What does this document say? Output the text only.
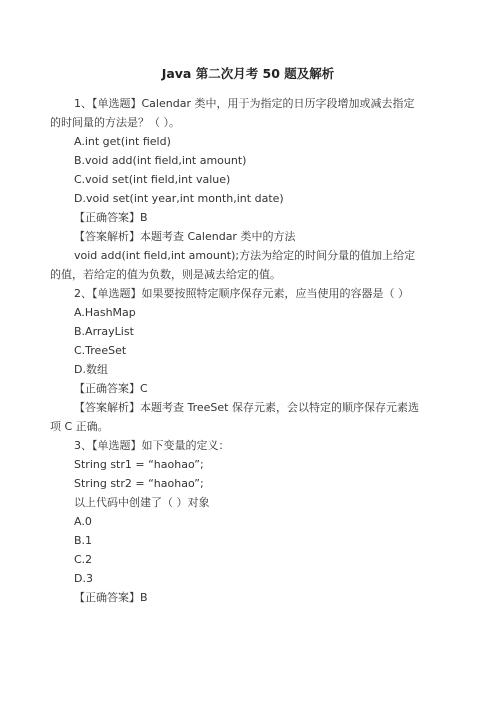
Java 第二次月考 50 题及解析

1、【单选题】Calendar 类中，用于为指定的日历字段增加或减去指定的时间量的方法是？（ ）。

A.int get(int field)

B.void add(int field,int amount)

C.void set(int field,int value)

D.void set(int year,int month,int date)

【正确答案】B

【答案解析】本题考查 Calendar 类中的方法

void add(int field,int amount);方法为给定的时间分量的值加上给定的值，若给定的值为负数，则是减去给定的值。

2、【单选题】如果要按照特定顺序保存元素，应当使用的容器是（ ）

A.HashMap

B.ArrayList

C.TreeSet

D.数组

【正确答案】C

【答案解析】本题考查 TreeSet 保存元素，会以特定的顺序保存元素选项 C 正确。

3、【单选题】如下变量的定义：

String str1 = “haohao”;

String str2 = “haohao”;

以上代码中创建了（ ）对象

A.0

B.1

C.2

D.3

【正确答案】B
